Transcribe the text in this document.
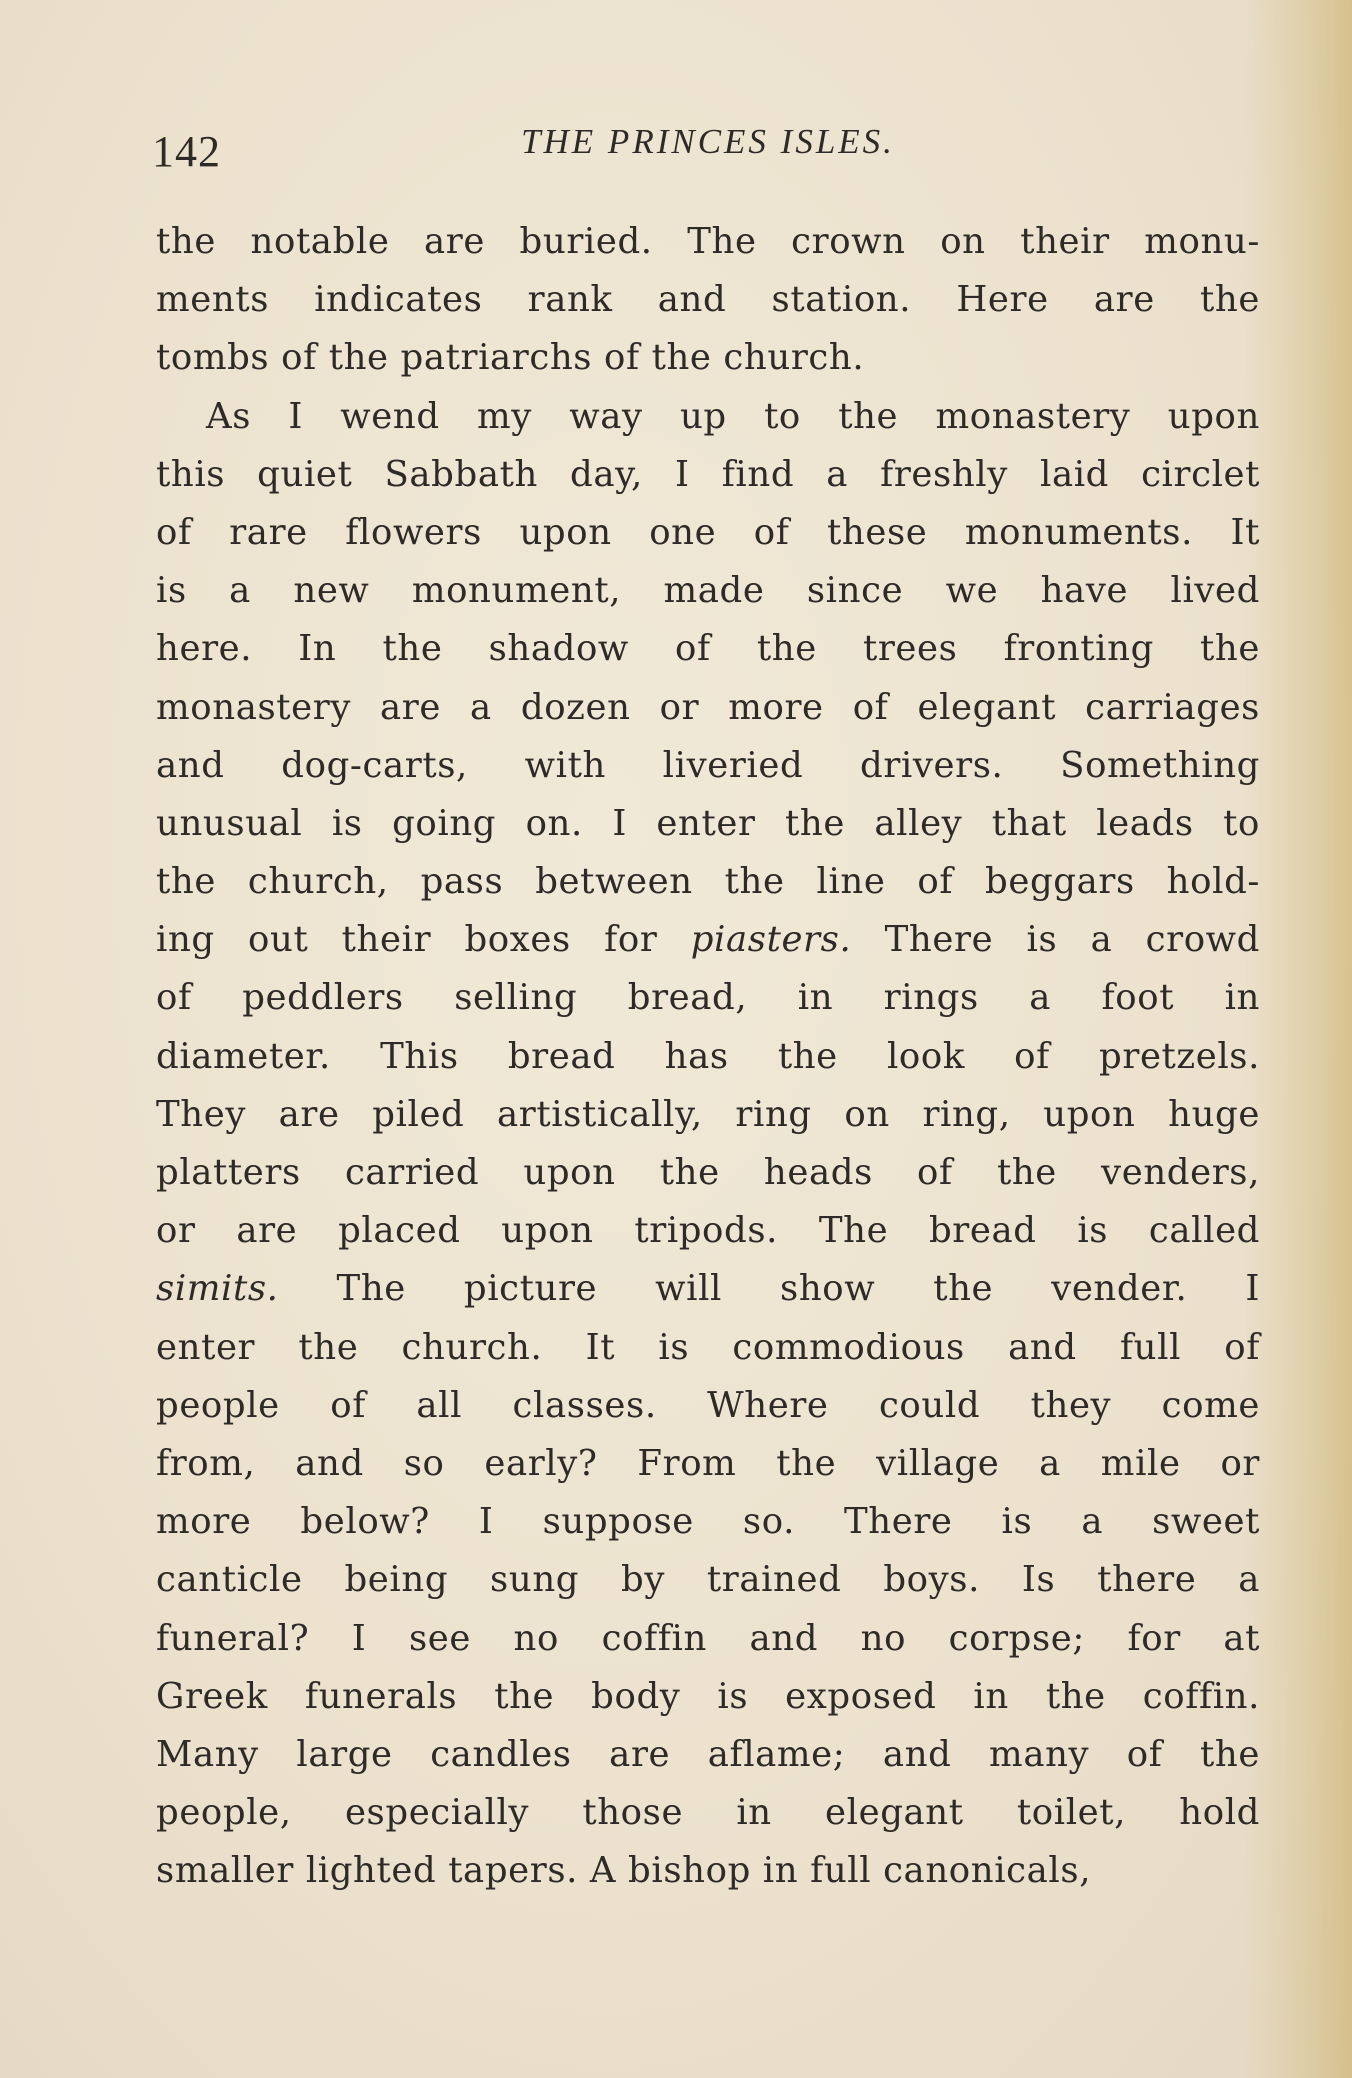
142	THE PRINCES ISLES.
the notable are buried. The crown on their monu-
ments indicates rank and station. Here are the
tombs of the patriarchs of the church.
As I wend my way up to the monastery upon
this quiet Sabbath day, I find a freshly laid circlet
of rare flowers upon one of these monuments. It
is a new monument, made since we have lived
here. In the shadow of the trees fronting the
monastery are a dozen or more of elegant carriages
and dog-carts, with liveried drivers. Something
unusual is going on. I enter the alley that leads to
the church, pass between the line of beggars hold-
ing out their boxes for piasters. There is a crowd
of peddlers selling bread, in rings a foot in
diameter. This bread has the look of pretzels.
They are piled artistically, ring on ring, upon huge
platters carried upon the heads of the venders,
or are placed upon tripods. The bread is called
simits. The picture will show the vender. I
enter the church. It is commodious and full of
people of all classes. Where could they come
from, and so early? From the village a mile or
more below? I suppose so. There is a sweet
canticle being sung by trained boys. Is there a
funeral? I see no coffin and no corpse; for at
Greek funerals the body is exposed in the coffin.
Many large candles are aflame; and many of the
people, especially those in elegant toilet, hold
smaller lighted tapers. A bishop in full canonicals,
